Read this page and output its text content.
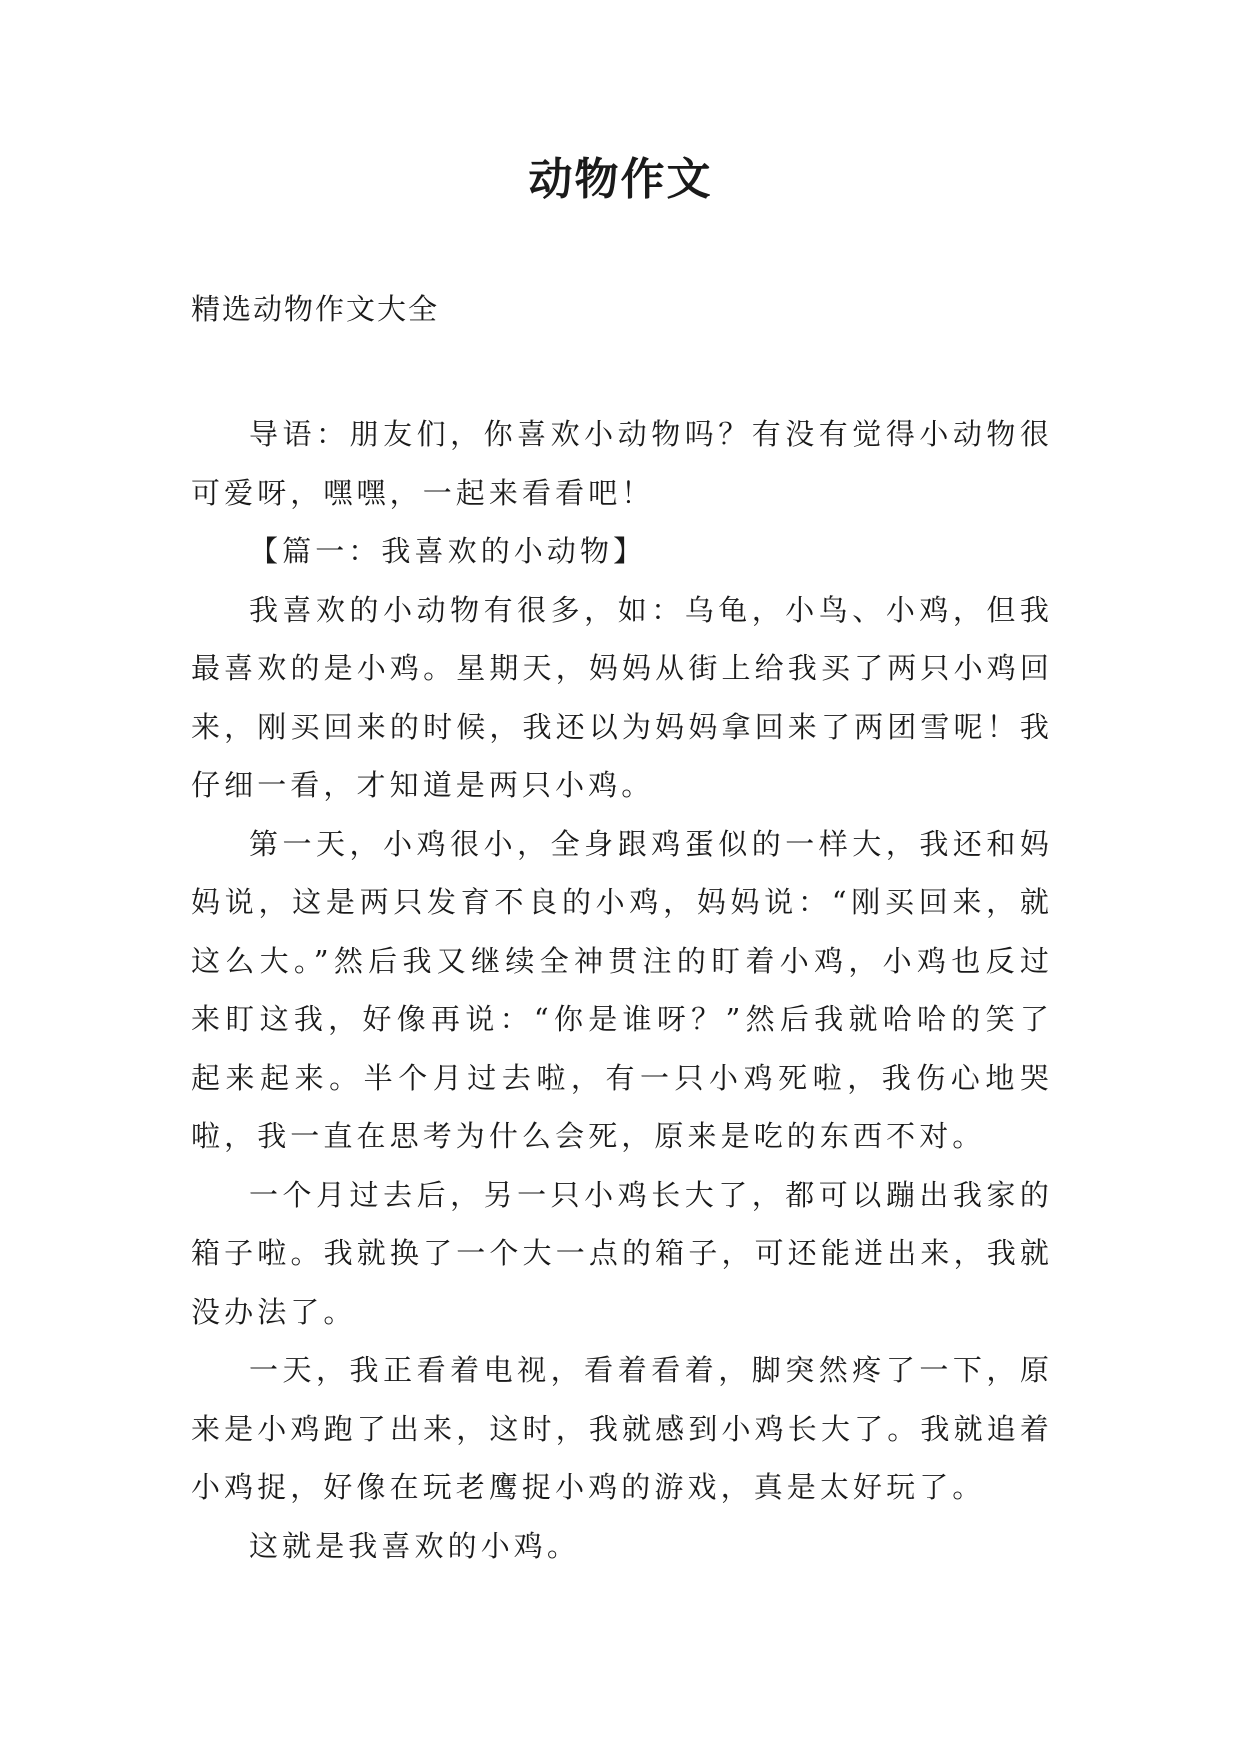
动物作文
精选动物作文大全

导语：朋友们，你喜欢小动物吗？有没有觉得小动物很可爱呀，嘿嘿，一起来看看吧！

【篇一：我喜欢的小动物】

我喜欢的小动物有很多，如：乌龟，小鸟、小鸡，但我最喜欢的是小鸡。星期天，妈妈从街上给我买了两只小鸡回来，刚买回来的时候，我还以为妈妈拿回来了两团雪呢！我仔细一看，才知道是两只小鸡。

第一天，小鸡很小，全身跟鸡蛋似的一样大，我还和妈妈说，这是两只发育不良的小鸡，妈妈说：“刚买回来，就这么大。”然后我又继续全神贯注的盯着小鸡，小鸡也反过来盯这我，好像再说：“你是谁呀？”然后我就哈哈的笑了起来起来。半个月过去啦，有一只小鸡死啦，我伤心地哭啦，我一直在思考为什么会死，原来是吃的东西不对。

一个月过去后，另一只小鸡长大了，都可以蹦出我家的箱子啦。我就换了一个大一点的箱子，可还能迸出来，我就没办法了。

一天，我正看着电视，看着看着，脚突然疼了一下，原来是小鸡跑了出来，这时，我就感到小鸡长大了。我就追着小鸡捉，好像在玩老鹰捉小鸡的游戏，真是太好玩了。

这就是我喜欢的小鸡。
